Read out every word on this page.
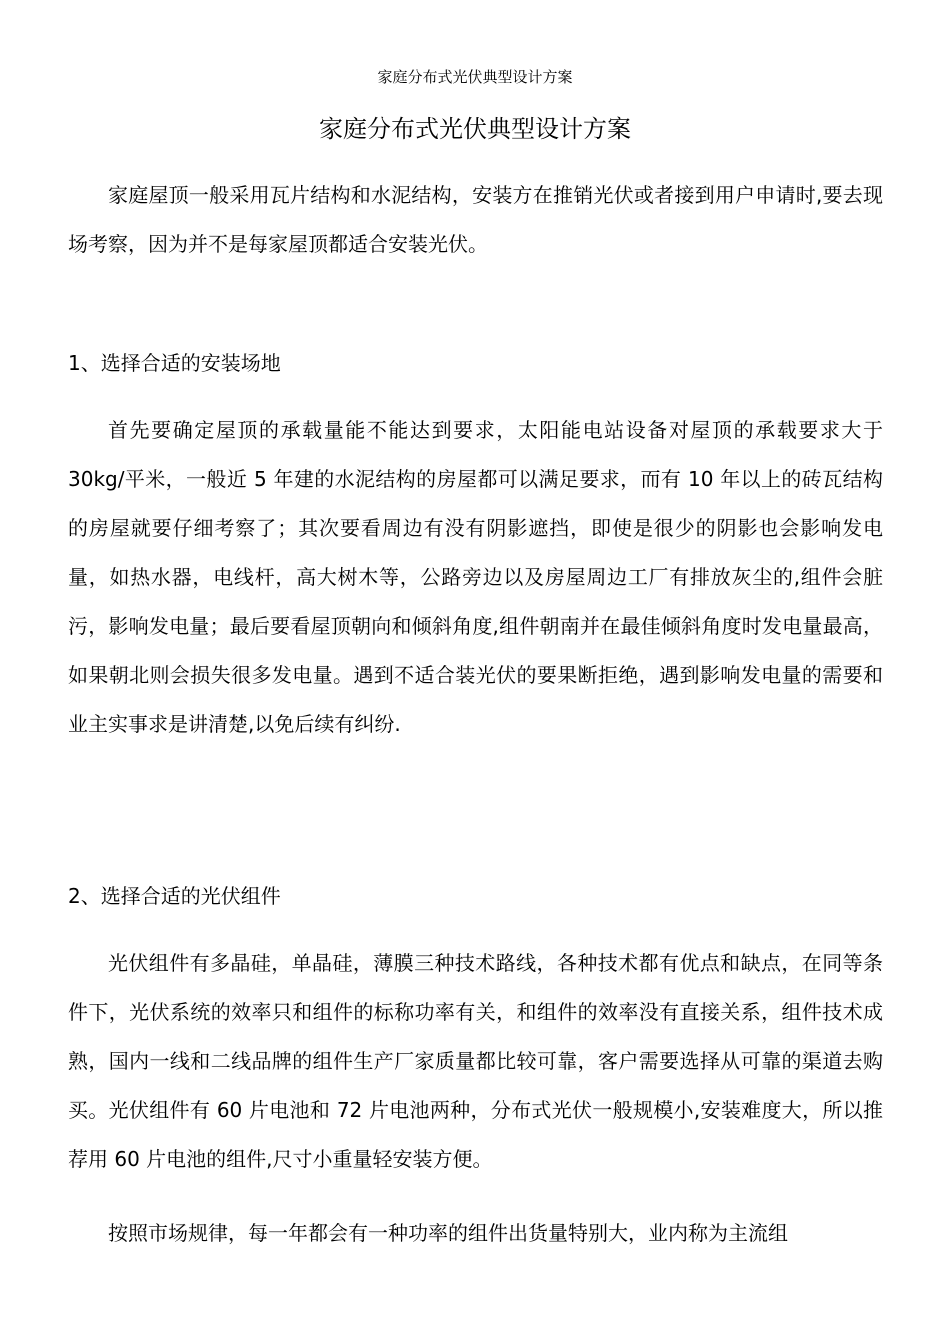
家庭分布式光伏典型设计方案
家庭分布式光伏典型设计方案

家庭屋顶一般采用瓦片结构和水泥结构，安装方在推销光伏或者接到用户申请时,要去现场考察，因为并不是每家屋顶都适合安装光伏。

1、选择合适的安装场地

首先要确定屋顶的承载量能不能达到要求，太阳能电站设备对屋顶的承载要求大于 30kg/平米，一般近 5 年建的水泥结构的房屋都可以满足要求，而有 10 年以上的砖瓦结构的房屋就要仔细考察了；其次要看周边有没有阴影遮挡，即使是很少的阴影也会影响发电量，如热水器，电线杆，高大树木等，公路旁边以及房屋周边工厂有排放灰尘的,组件会脏污，影响发电量；最后要看屋顶朝向和倾斜角度,组件朝南并在最佳倾斜角度时发电量最高，如果朝北则会损失很多发电量。遇到不适合装光伏的要果断拒绝，遇到影响发电量的需要和业主实事求是讲清楚,以免后续有纠纷.

2、选择合适的光伏组件

光伏组件有多晶硅，单晶硅，薄膜三种技术路线，各种技术都有优点和缺点，在同等条件下，光伏系统的效率只和组件的标称功率有关，和组件的效率没有直接关系，组件技术成熟，国内一线和二线品牌的组件生产厂家质量都比较可靠，客户需要选择从可靠的渠道去购买。光伏组件有 60 片电池和 72 片电池两种，分布式光伏一般规模小,安装难度大，所以推荐用 60 片电池的组件,尺寸小重量轻安装方便。

按照市场规律，每一年都会有一种功率的组件出货量特别大，业内称为主流组
